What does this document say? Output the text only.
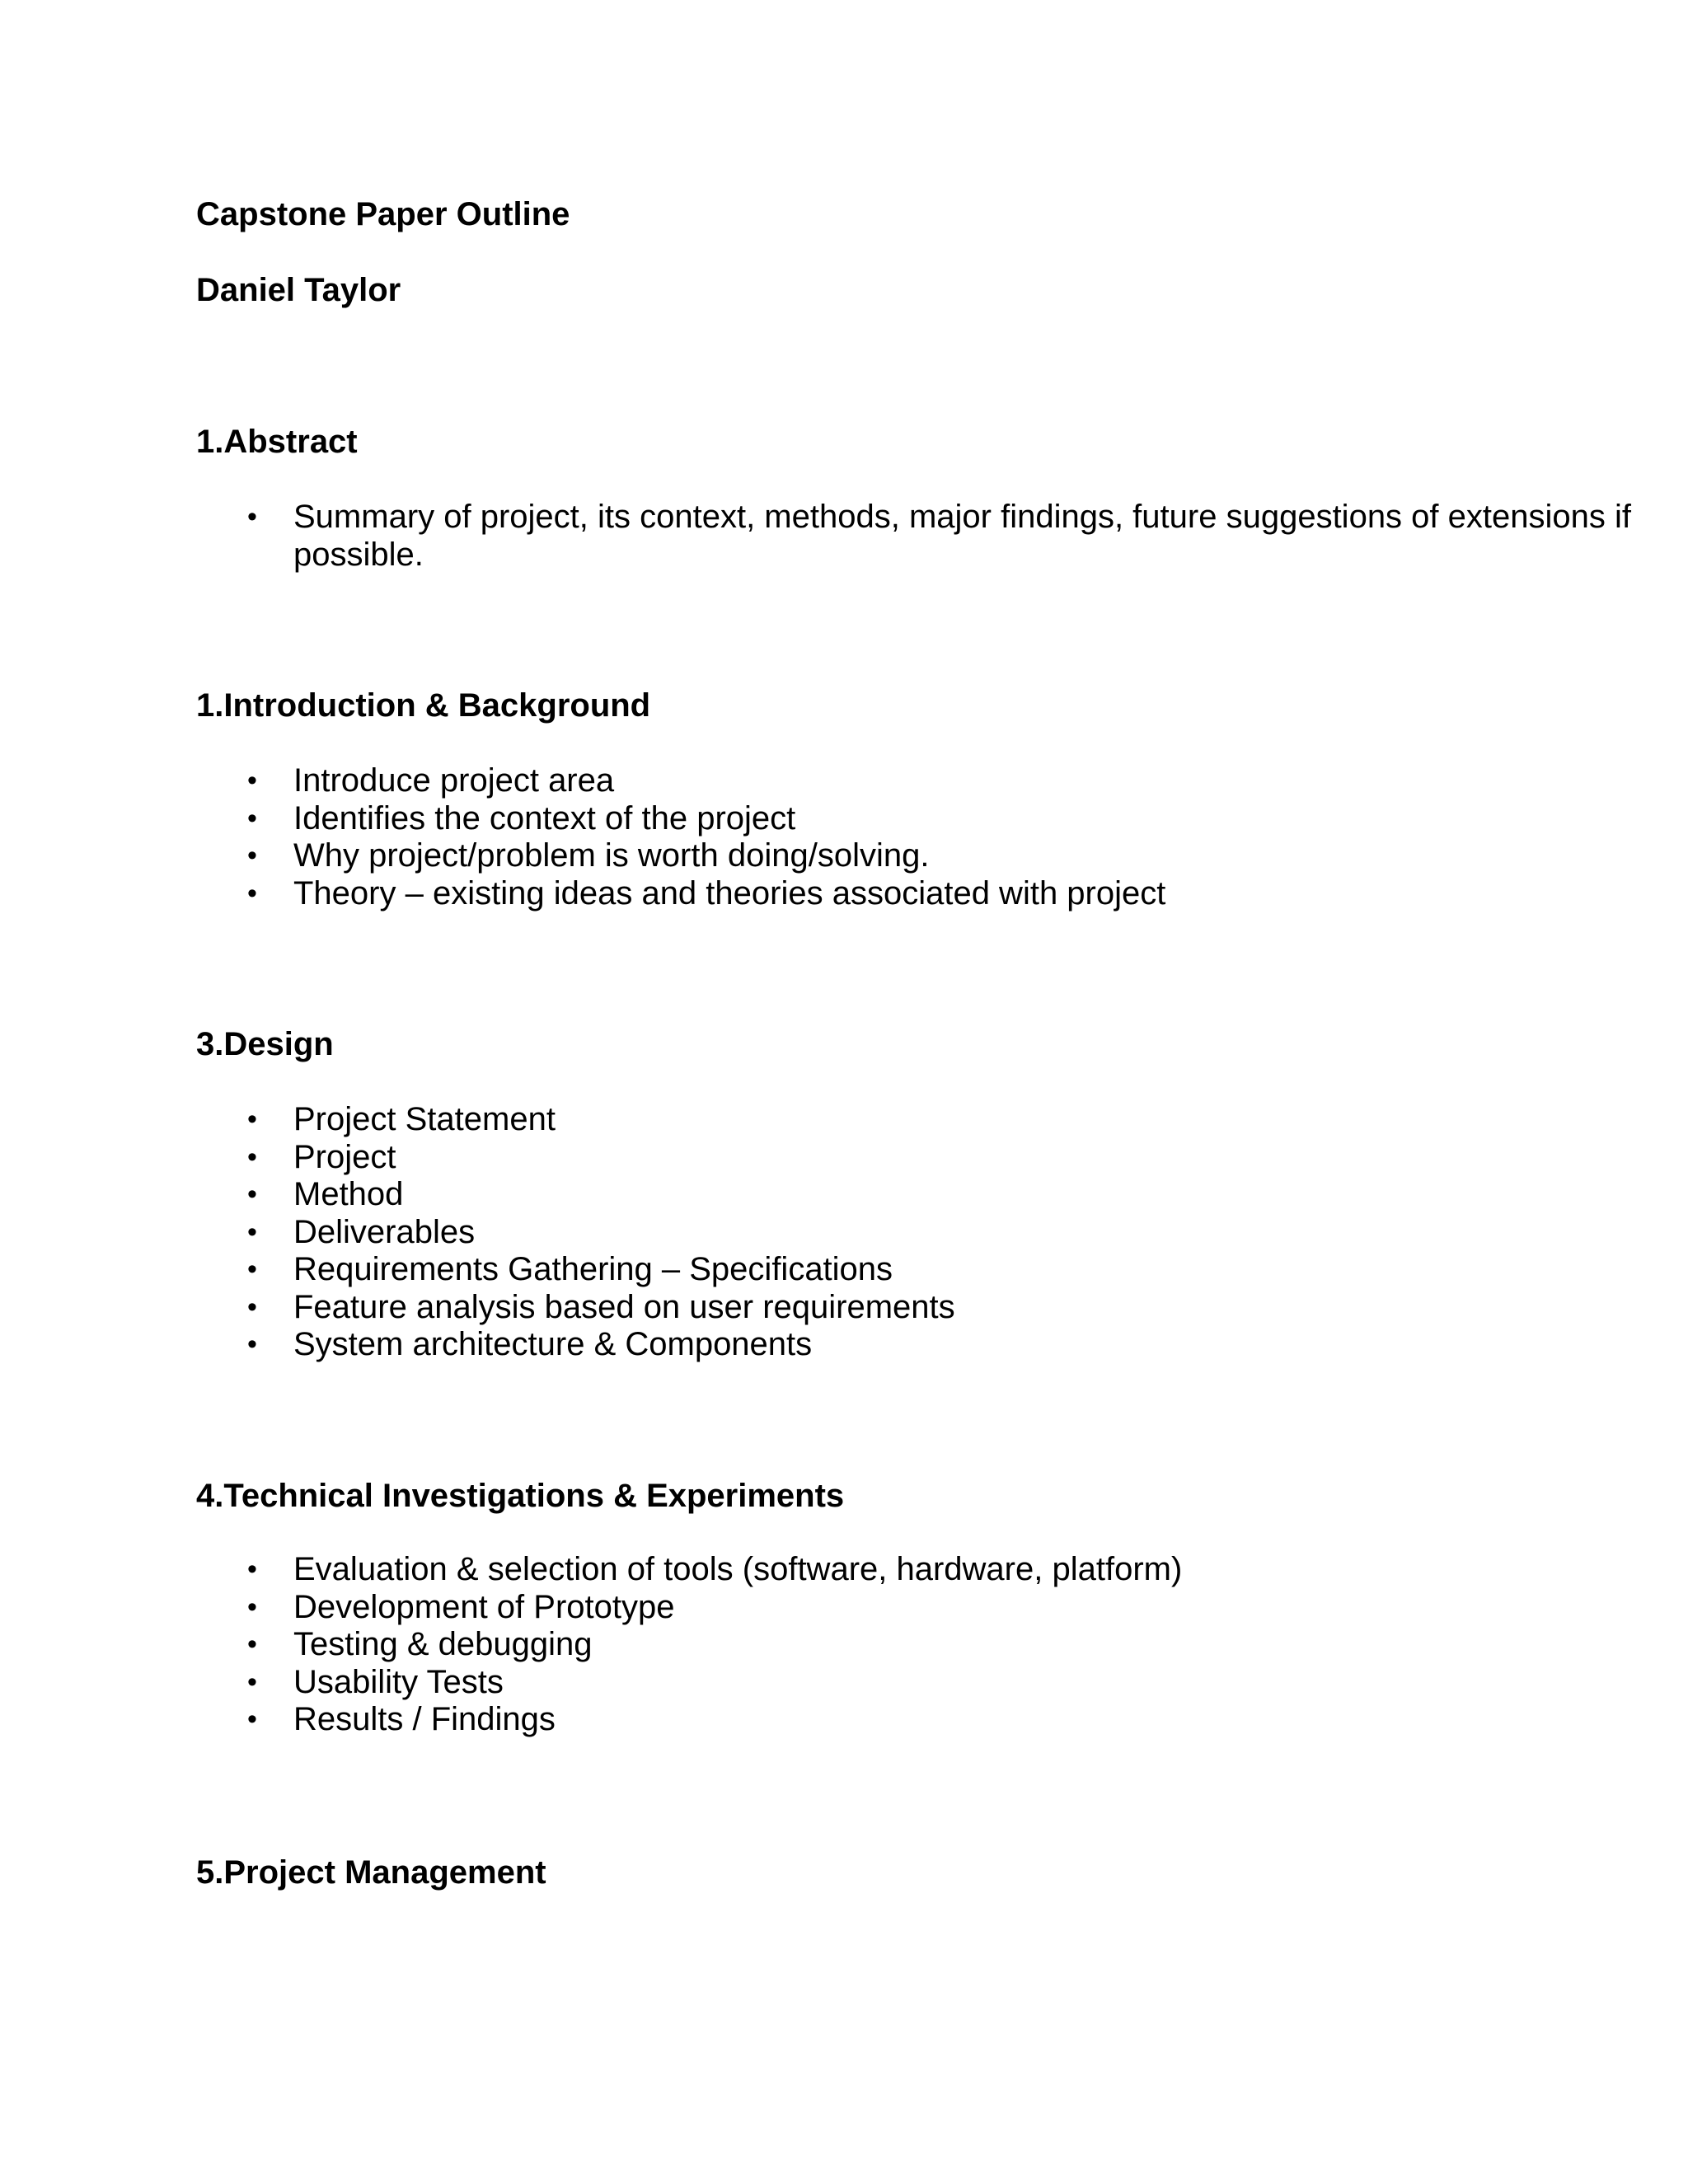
Capstone Paper Outline
Daniel Taylor
1.Abstract
• Summary of project, its context, methods, major findings, future suggestions of extensions if possible.
1.Introduction & Background
• Introduce project area
• Identifies the context of the project
• Why project/problem is worth doing/solving.
• Theory – existing ideas and theories associated with project
3.Design
• Project Statement
• Project
• Method
• Deliverables
• Requirements Gathering – Specifications
• Feature analysis based on user requirements
• System architecture & Components
4.Technical Investigations & Experiments
• Evaluation & selection of tools (software, hardware, platform)
• Development of Prototype
• Testing & debugging
• Usability Tests
• Results / Findings
5.Project Management
